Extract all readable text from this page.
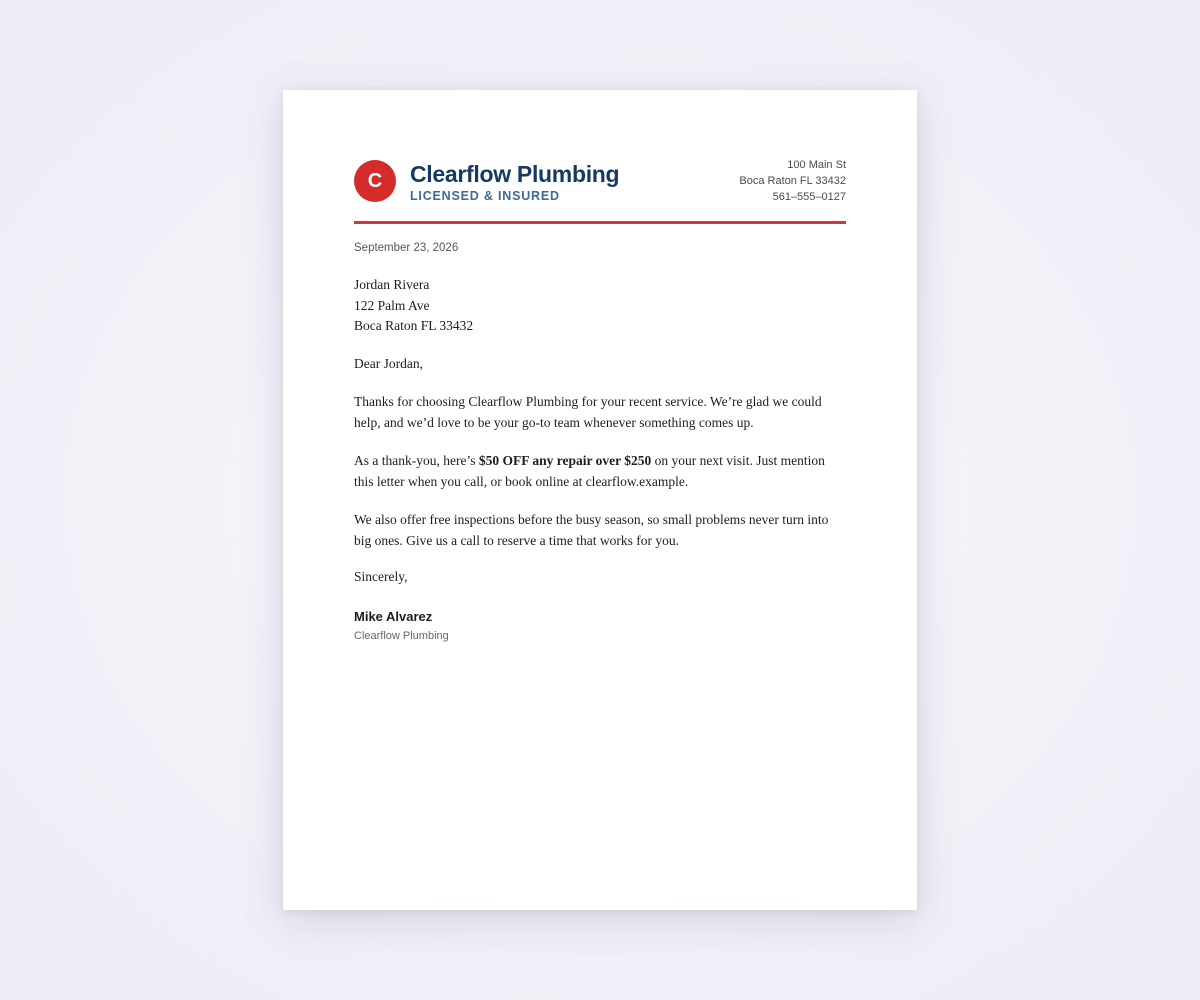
C	Clearflow Plumbing
LICENSED & INSURED
100 Main St
Boca Raton FL 33432
561–555–0127
September 23, 2026
Jordan Rivera
122 Palm Ave
Boca Raton FL 33432
Dear Jordan,
Thanks for choosing Clearflow Plumbing for your recent service. We’re glad we could help, and we’d love to be your go-to team whenever something comes up.
As a thank-you, here’s $50 OFF any repair over $250 on your next visit. Just mention this letter when you call, or book online at clearflow.example.
We also offer free inspections before the busy season, so small problems never turn into big ones. Give us a call to reserve a time that works for you.
Sincerely,
Mike Alvarez
Clearflow Plumbing
